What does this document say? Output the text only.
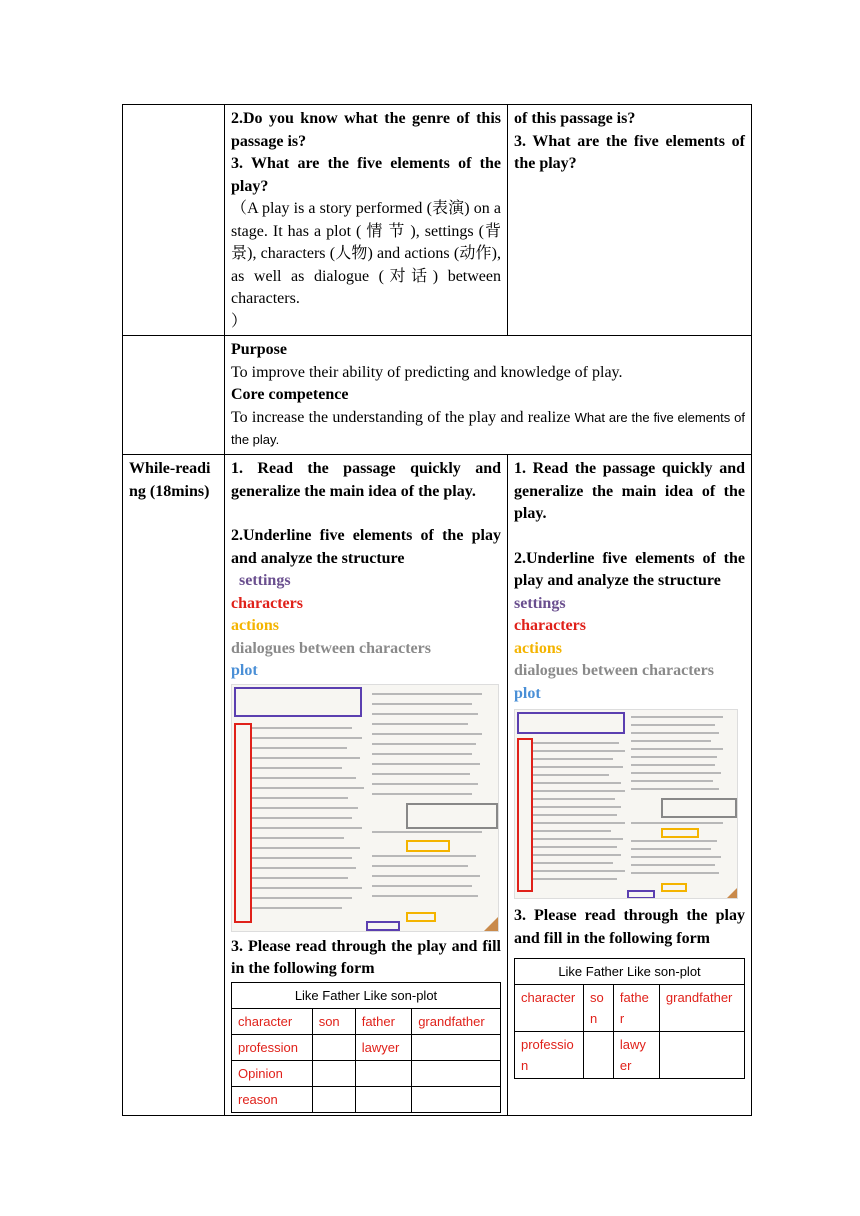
2.Do you know what the genre of this passage is?
3. What are the five elements of the play?
（A play is a story performed (表演) on a stage. It has a plot ( 情 节 ), settings (背景), characters (人物) and actions (动作), as well as dialogue (对话) between characters.
）

of this passage is?
3. What are the five elements of the play?

Purpose
To improve their ability of predicting and knowledge of play.
Core competence
To increase the understanding of the play and realize What are the five elements of the play.

While-reading (18mins)

1. Read the passage quickly and generalize the main idea of the play.
2.Underline five elements of the play and analyze the structure
settings
characters
actions
dialogues between characters
plot
3. Please read through the play and fill in the following form
Like Father Like son-plot
character	son	father	grandfather
profession		lawyer	
Opinion			
reason			

1. Read the passage quickly and generalize the main idea of the play.
2.Underline five elements of the play and analyze the structure
settings
characters
actions
dialogues between characters
plot
3. Please read through the play and fill in the following form
Like Father Like son-plot
character	son	father	grandfather
profession		lawyer	
